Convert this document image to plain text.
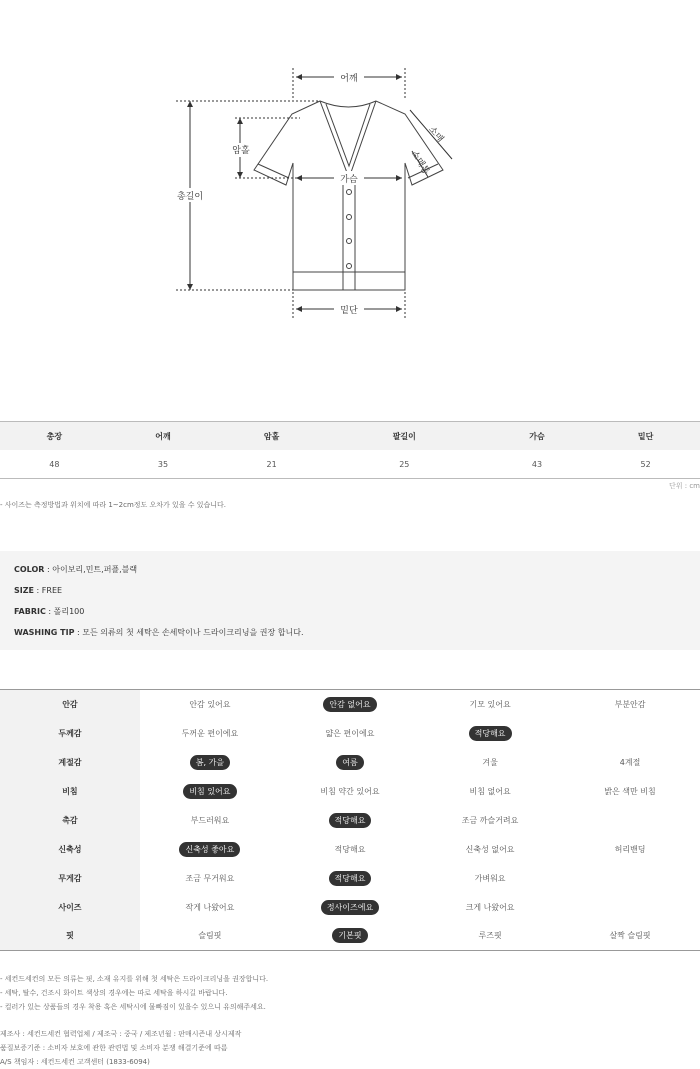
어깨
암홀
총길이
가슴
밑단
소매
소매통
총장	어깨	암홀	팔길이	가슴	밑단
48	35	21	25	43	52
단위 : cm
- 사이즈는 측정방법과 위치에 따라 1~2cm정도 오차가 있을 수 있습니다.
COLOR : 아이보리,민트,퍼플,블랙
SIZE : FREE
FABRIC : 폴리100
WASHING TIP : 모든 의류의 첫 세탁은 손세탁이나 드라이크리닝을 권장 합니다.
안감	안감 있어요	안감 없어요	기모 있어요	부분안감
두께감	두꺼운 편이에요	얇은 편이에요	적당해요	
계절감	봄, 가을	여름	겨울	4계절
비침	비침 있어요	비침 약간 있어요	비침 없어요	밝은 색만 비침
촉감	부드러워요	적당해요	조금 까슬거려요	
신축성	신축성 좋아요	적당해요	신축성 없어요	허리밴딩
무게감	조금 무거워요	적당해요	가벼워요	
사이즈	작게 나왔어요	정사이즈에요	크게 나왔어요	
핏	슬림핏	기본핏	루즈핏	살짝 슬림핏
- 세컨드세컨의 모든 의류는 핏, 소재 유지를 위해 첫 세탁은 드라이크리닝을 권장합니다.
- 세탁, 탈수, 건조시 화이트 색상의 경우에는 따로 세탁을 하시길 바랍니다.
- 컬러가 있는 상품들의 경우 착용 혹은 세탁시에 물빠짐이 있을수 있으니 유의해주세요.
제조사 : 세컨드세컨 협력업체 / 제조국 : 중국 / 제조년월 : 판매시즌내 상시제작
품질보증기준 : 소비자 보호에 관한 관련법 및 소비자 분쟁 해결기준에 따름
A/S 책임자 : 세컨드세컨 고객센터 (1833-6094)
